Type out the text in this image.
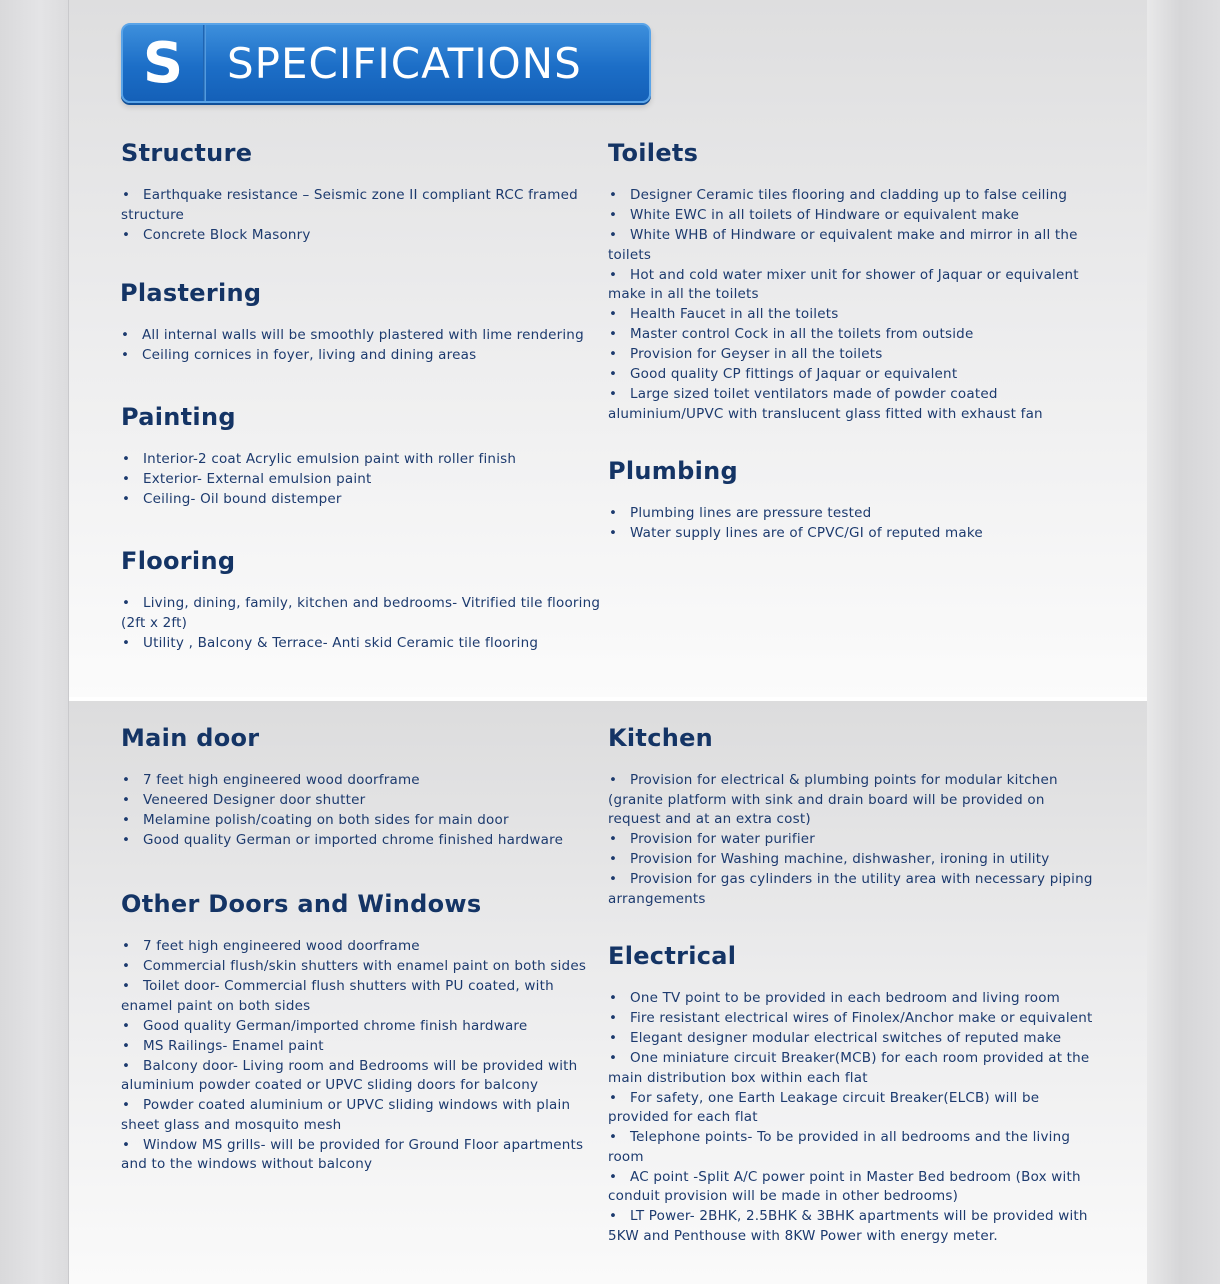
S	SPECIFICATIONS
Structure
• Earthquake resistance – Seismic zone II compliant RCC framed structure
• Concrete Block Masonry
Plastering
• All internal walls will be smoothly plastered with lime rendering
• Ceiling cornices in foyer, living and dining areas
Painting
• Interior-2 coat Acrylic emulsion paint with roller finish
• Exterior- External emulsion paint
• Ceiling- Oil bound distemper
Flooring
• Living, dining, family, kitchen and bedrooms- Vitrified tile flooring (2ft x 2ft)
• Utility , Balcony & Terrace- Anti skid Ceramic tile flooring
Toilets
• Designer Ceramic tiles flooring and cladding up to false ceiling
• White EWC in all toilets of Hindware or equivalent make
• White WHB of Hindware or equivalent make and mirror in all the toilets
• Hot and cold water mixer unit for shower of Jaquar or equivalent make in all the toilets
• Health Faucet in all the toilets
• Master control Cock in all the toilets from outside
• Provision for Geyser in all the toilets
• Good quality CP fittings of Jaquar or equivalent
• Large sized toilet ventilators made of powder coated aluminium/UPVC with translucent glass fitted with exhaust fan
Plumbing
• Plumbing lines are pressure tested
• Water supply lines are of CPVC/GI of reputed make
Main door
• 7 feet high engineered wood doorframe
• Veneered Designer door shutter
• Melamine polish/coating on both sides for main door
• Good quality German or imported chrome finished hardware
Other Doors and Windows
• 7 feet high engineered wood doorframe
• Commercial flush/skin shutters with enamel paint on both sides
• Toilet door- Commercial flush shutters with PU coated, with enamel paint on both sides
• Good quality German/imported chrome finish hardware
• MS Railings- Enamel paint
• Balcony door- Living room and Bedrooms will be provided with aluminium powder coated or UPVC sliding doors for balcony
• Powder coated aluminium or UPVC sliding windows with plain sheet glass and mosquito mesh
• Window MS grills- will be provided for Ground Floor apartments and to the windows without balcony
Kitchen
• Provision for electrical & plumbing points for modular kitchen (granite platform with sink and drain board will be provided on request and at an extra cost)
• Provision for water purifier
• Provision for Washing machine, dishwasher, ironing in utility
• Provision for gas cylinders in the utility area with necessary piping arrangements
Electrical
• One TV point to be provided in each bedroom and living room
• Fire resistant electrical wires of Finolex/Anchor make or equivalent
• Elegant designer modular electrical switches of reputed make
• One miniature circuit Breaker(MCB) for each room provided at the main distribution box within each flat
• For safety, one Earth Leakage circuit Breaker(ELCB) will be provided for each flat
• Telephone points- To be provided in all bedrooms and the living room
• AC point -Split A/C power point in Master Bed bedroom (Box with conduit provision will be made in other bedrooms)
• LT Power- 2BHK, 2.5BHK & 3BHK apartments will be provided with 5KW and Penthouse with 8KW Power with energy meter.
